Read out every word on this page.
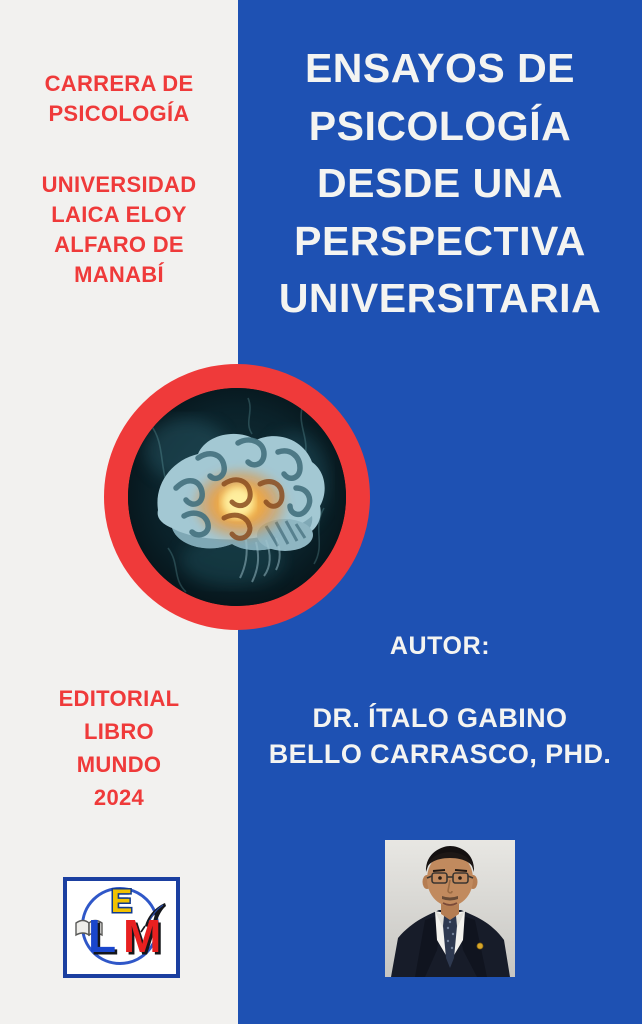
CARRERA DE
PSICOLOGÍA
UNIVERSIDAD
LAICA ELOY
ALFARO DE
MANABÍ
EDITORIAL
LIBRO
MUNDO
2024
ENSAYOS DE
PSICOLOGÍA
DESDE UNA
PERSPECTIVA
UNIVERSITARIA
AUTOR:
DR. ÍTALO GABINO
BELLO CARRASCO, PHD.
E
L M
